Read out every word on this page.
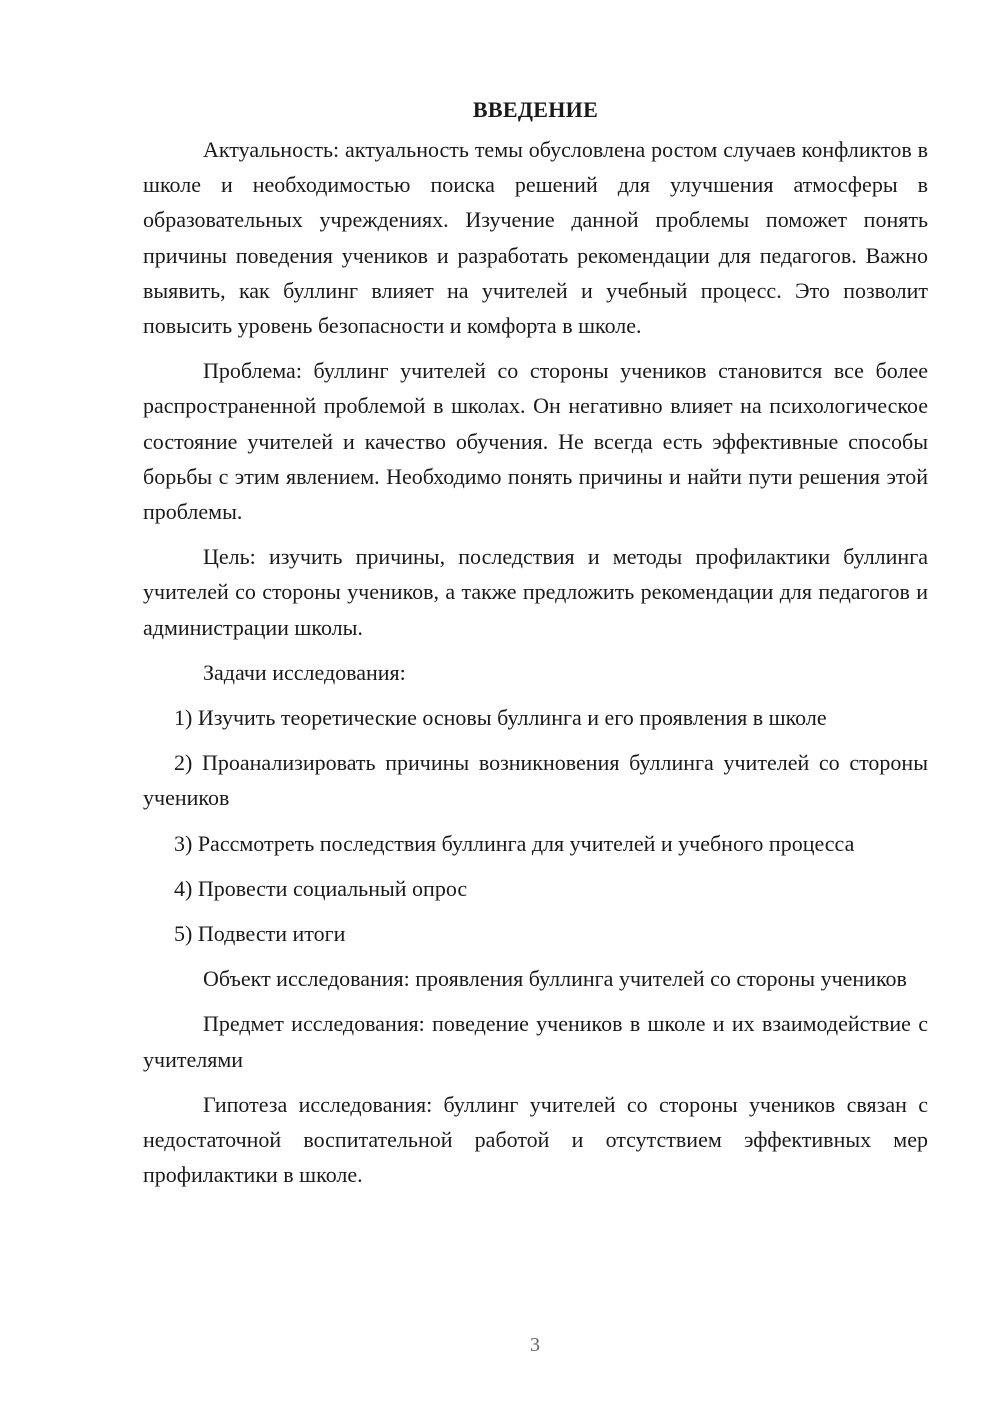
ВВЕДЕНИЕ

Актуальность: актуальность темы обусловлена ростом случаев конфликтов в школе и необходимостью поиска решений для улучшения атмосферы в образовательных учреждениях. Изучение данной проблемы поможет понять причины поведения учеников и разработать рекомендации для педагогов. Важно выявить, как буллинг влияет на учителей и учебный процесс. Это позволит повысить уровень безопасности и комфорта в школе.

Проблема: буллинг учителей со стороны учеников становится все более распространенной проблемой в школах. Он негативно влияет на психологическое состояние учителей и качество обучения. Не всегда есть эффективные способы борьбы с этим явлением. Необходимо понять причины и найти пути решения этой проблемы.

Цель: изучить причины, последствия и методы профилактики буллинга учителей со стороны учеников, а также предложить рекомендации для педагогов и администрации школы.

Задачи исследования:

1) Изучить теоретические основы буллинга и его проявления в школе

2) Проанализировать причины возникновения буллинга учителей со стороны учеников

3) Рассмотреть последствия буллинга для учителей и учебного процесса

4) Провести социальный опрос

5) Подвести итоги

Объект исследования: проявления буллинга учителей со стороны учеников

Предмет исследования: поведение учеников в школе и их взаимодействие с учителями

Гипотеза исследования: буллинг учителей со стороны учеников связан с недостаточной воспитательной работой и отсутствием эффективных мер профилактики в школе.

3
